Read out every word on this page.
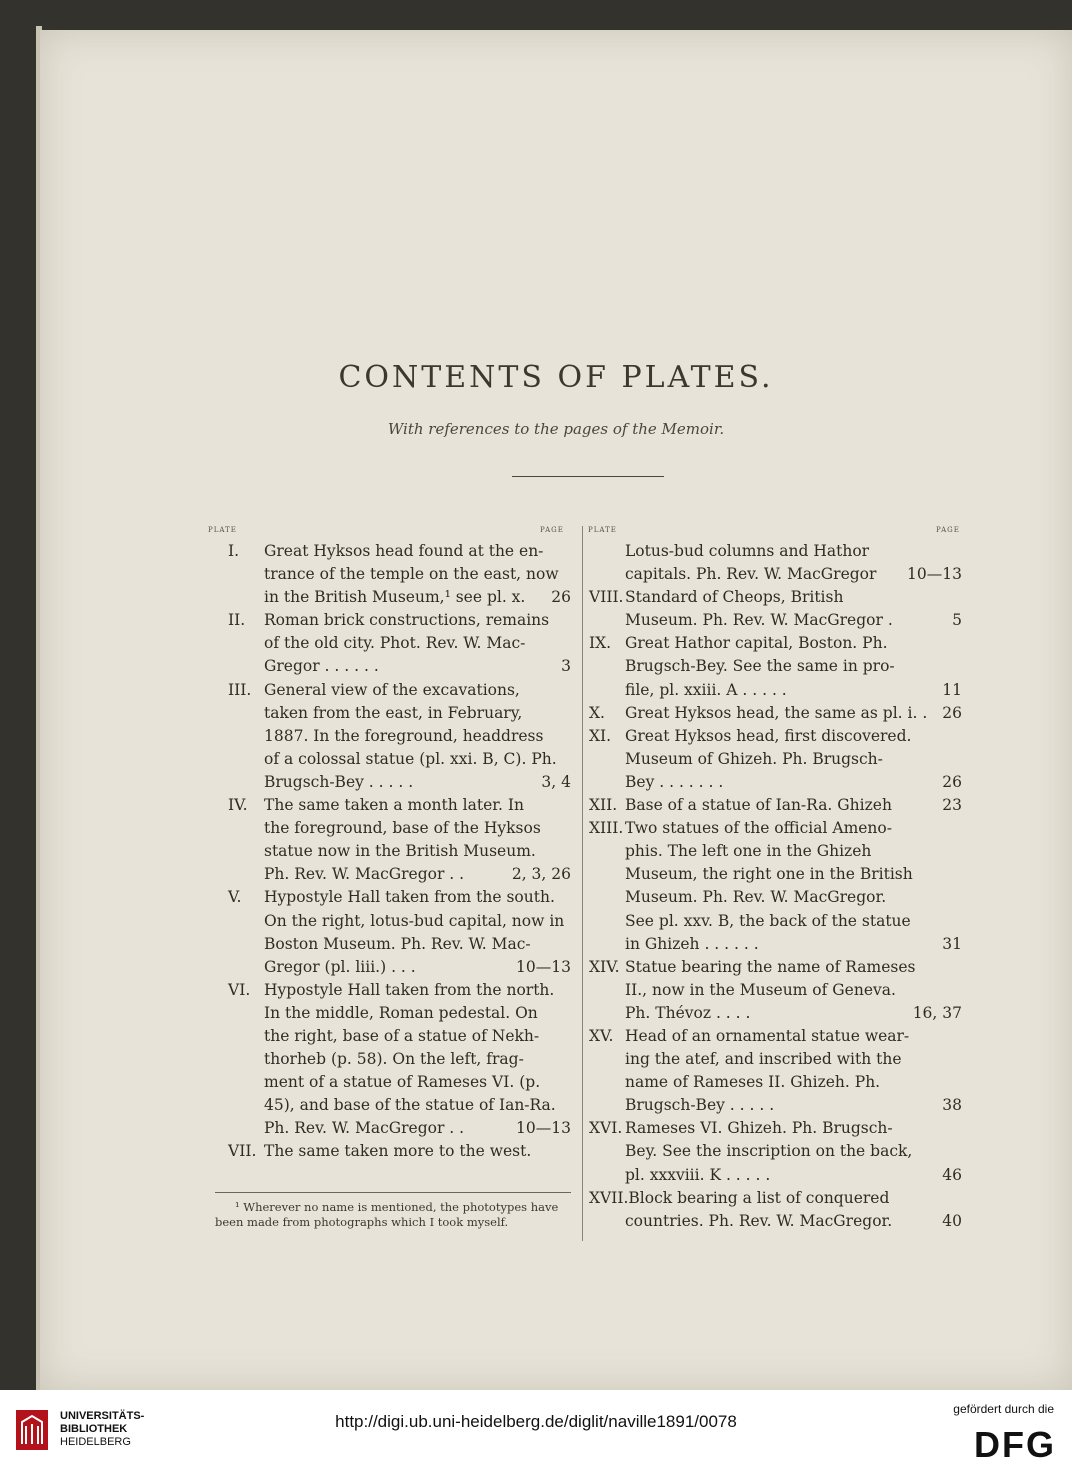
CONTENTS OF PLATES.
With references to the pages of the Memoir.
PLATE	PAGE	PLATE	PAGE
I.	Great Hyksos head found at the en-
trance of the temple on the east, now
in the British Museum,¹ see pl. x.	26
II.	Roman brick constructions, remains
of the old city. Phot. Rev. W. Mac-
Gregor . . . . . .	3
III. General view of the excavations,
taken from the east, in February,
1887. In the foreground, headdress
of a colossal statue (pl. xxi. B, C). Ph.
Brugsch-Bey . . . . .	3, 4
IV.	The same taken a month later. In
the foreground, base of the Hyksos
statue now in the British Museum.
Ph. Rev. W. MacGregor . .	2, 3, 26
V.	Hypostyle Hall taken from the south.
On the right, lotus-bud capital, now in
Boston Museum. Ph. Rev. W. Mac-
Gregor (pl. liii.) . . .	10—13
VI. Hypostyle Hall taken from the north.
In the middle, Roman pedestal. On
the right, base of a statue of Nekh-
thorheb (p. 58). On the left, frag-
ment of a statue of Rameses VI. (p.
45), and base of the statue of Ian-Ra.
Ph. Rev. W. MacGregor . .	10—13
VII. The same taken more to the west.
Lotus-bud columns and Hathor
capitals. Ph. Rev. W. MacGregor	10—13
VIII. Standard of Cheops, British
Museum. Ph. Rev. W. MacGregor .	5
IX. Great Hathor capital, Boston. Ph.
Brugsch-Bey. See the same in pro-
file, pl. xxiii. A . . . . .	11
X.	Great Hyksos head, the same as pl. i. . 26
XI. Great Hyksos head, first discovered.
Museum of Ghizeh. Ph. Brugsch-
Bey . . . . . . .	26
XII. Base of a statue of Ian-Ra. Ghizeh	23
XIII. Two statues of the official Ameno-
phis. The left one in the Ghizeh
Museum, the right one in the British
Museum. Ph. Rev. W. MacGregor.
See pl. xxv. B, the back of the statue
in Ghizeh . . . . . .	31
XIV. Statue bearing the name of Rameses
II., now in the Museum of Geneva.
Ph. Thévoz . . . .	16, 37
XV. Head of an ornamental statue wear-
ing the atef, and inscribed with the
name of Rameses II. Ghizeh. Ph.
Brugsch-Bey . . . . .	38
XVI. Rameses VI. Ghizeh. Ph. Brugsch-
Bey. See the inscription on the back,
pl. xxxviii. K . . . . .	46
XVII. Block bearing a list of conquered
countries. Ph. Rev. W. MacGregor.	40
¹ Wherever no name is mentioned, the phototypes have been made from photographs which I took myself.
UNIVERSITÄTS-
BIBLIOTHEK
HEIDELBERG
http://digi.ub.uni-heidelberg.de/diglit/naville1891/0078
gefördert durch die
DFG
